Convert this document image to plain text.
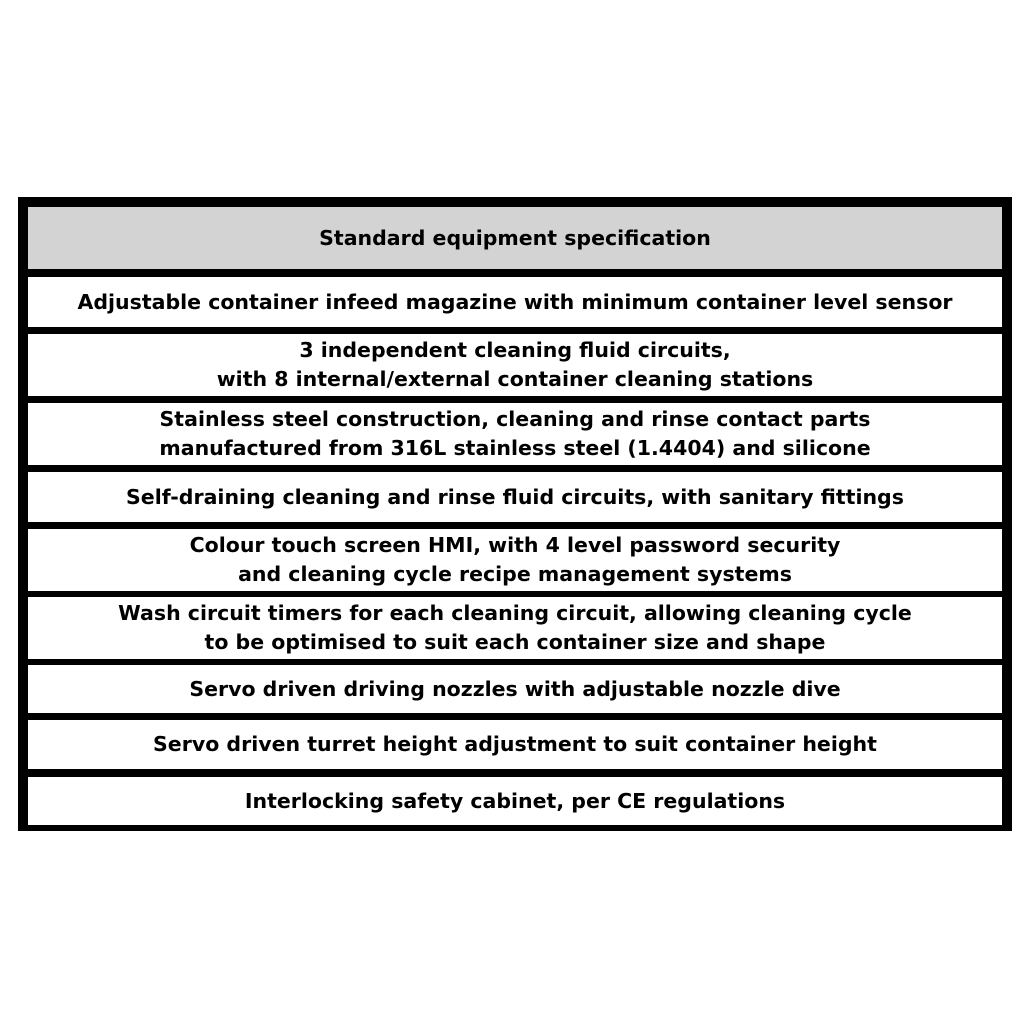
Standard equipment specification
Adjustable container infeed magazine with minimum container level sensor
3 independent cleaning fluid circuits,
with 8 internal/external container cleaning stations
Stainless steel construction, cleaning and rinse contact parts
manufactured from 316L stainless steel (1.4404) and silicone
Self-draining cleaning and rinse fluid circuits, with sanitary fittings
Colour touch screen HMI, with 4 level password security
and cleaning cycle recipe management systems
Wash circuit timers for each cleaning circuit, allowing cleaning cycle
to be optimised to suit each container size and shape
Servo driven driving nozzles with adjustable nozzle dive
Servo driven turret height adjustment to suit container height
Interlocking safety cabinet, per CE regulations
